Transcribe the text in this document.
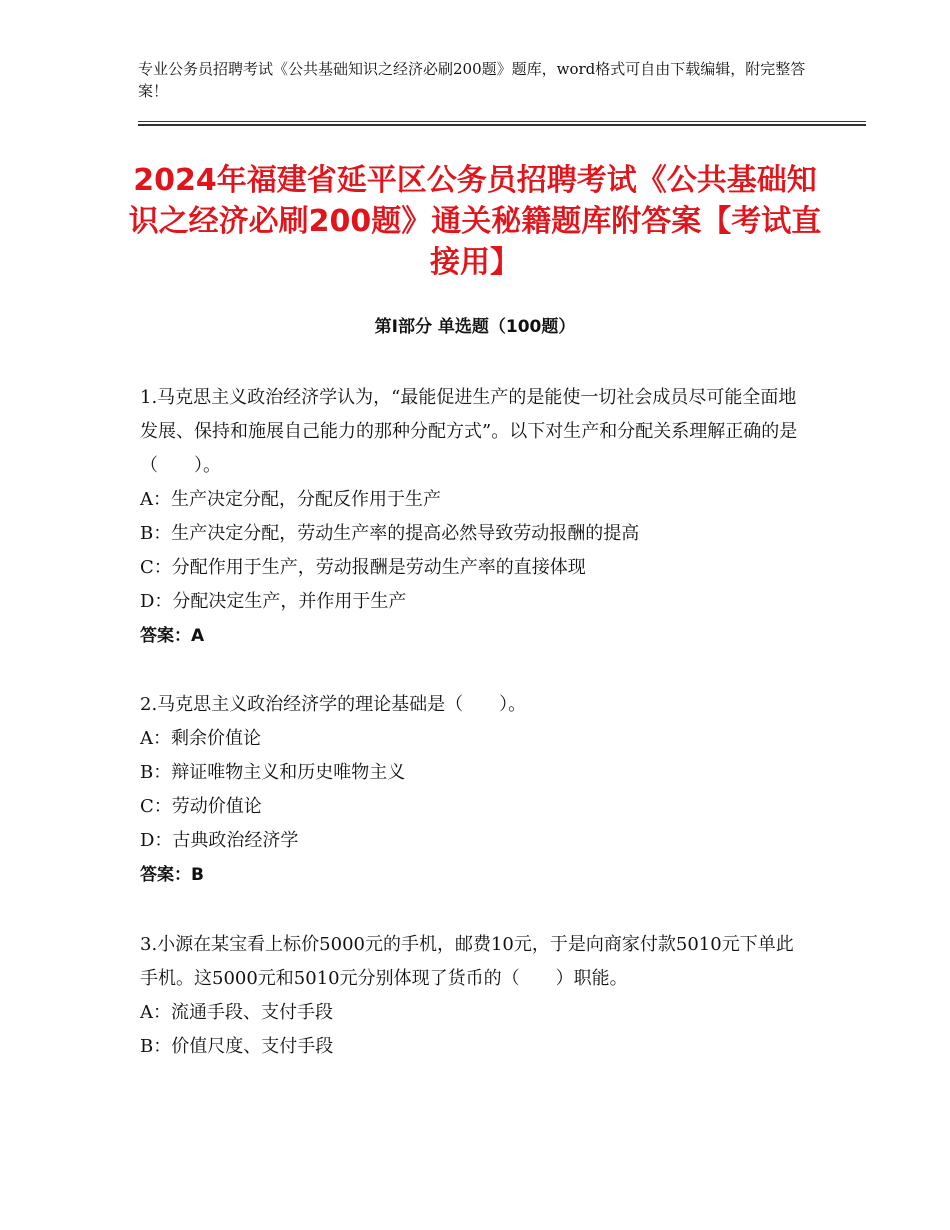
专业公务员招聘考试《公共基础知识之经济必刷200题》题库，word格式可自由下载编辑，附完整答案！
2024年福建省延平区公务员招聘考试《公共基础知识之经济必刷200题》通关秘籍题库附答案【考试直接用】
第Ⅰ部分 单选题（100题）

1.马克思主义政治经济学认为，“最能促进生产的是能使一切社会成员尽可能全面地发展、保持和施展自己能力的那种分配方式”。以下对生产和分配关系理解正确的是（　　）。

A：生产决定分配，分配反作用于生产

B：生产决定分配，劳动生产率的提高必然导致劳动报酬的提高

C：分配作用于生产，劳动报酬是劳动生产率的直接体现

D：分配决定生产，并作用于生产

答案：A

2.马克思主义政治经济学的理论基础是（　　）。

A：剩余价值论

B：辩证唯物主义和历史唯物主义

C：劳动价值论

D：古典政治经济学

答案：B

3.小源在某宝看上标价5000元的手机，邮费10元，于是向商家付款5010元下单此手机。这5000元和5010元分别体现了货币的（　　）职能。

A：流通手段、支付手段

B：价值尺度、支付手段
